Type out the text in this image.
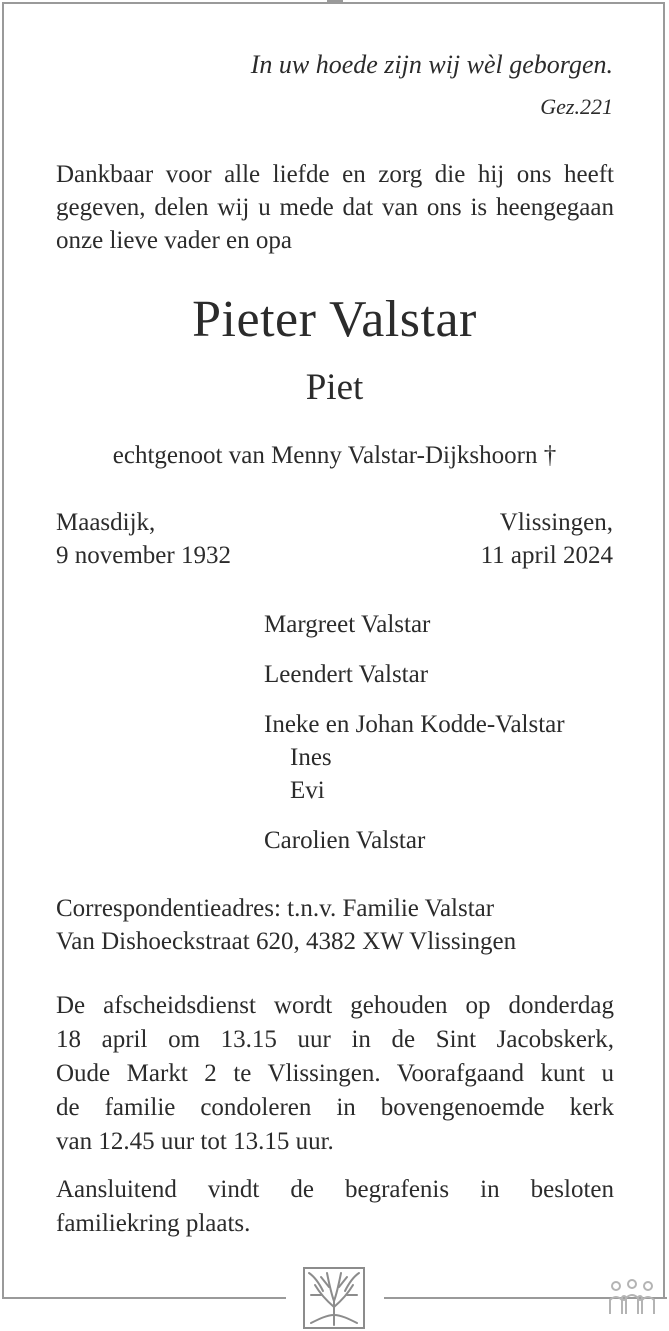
In uw hoede zijn wij wèl geborgen.
Gez.221
Dankbaar voor alle liefde en zorg die hij ons heeft
gegeven, delen wij u mede dat van ons is heengegaan
onze lieve vader en opa
Pieter Valstar
Piet
echtgenoot van Menny Valstar-Dijkshoorn †
Maasdijk,
9 november 1932
Vlissingen,
11 april 2024
Margreet Valstar
Leendert Valstar
Ineke en Johan Kodde-Valstar
Ines
Evi
Carolien Valstar
Correspondentieadres: t.n.v. Familie Valstar
Van Dishoeckstraat 620, 4382 XW Vlissingen
De afscheidsdienst wordt gehouden op donderdag
18 april om 13.15 uur in de Sint Jacobskerk,
Oude Markt 2 te Vlissingen. Voorafgaand kunt u
de familie condoleren in bovengenoemde kerk
van 12.45 uur tot 13.15 uur.
Aansluitend vindt de begrafenis in besloten
familiekring plaats.
